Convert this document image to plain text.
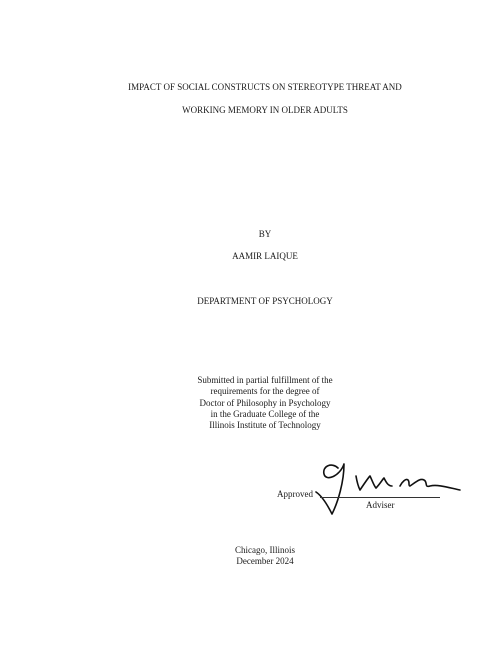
IMPACT OF SOCIAL CONSTRUCTS ON STEREOTYPE THREAT AND
WORKING MEMORY IN OLDER ADULTS
BY
AAMIR LAIQUE
DEPARTMENT OF PSYCHOLOGY
Submitted in partial fulfillment of the
requirements for the degree of
Doctor of Philosophy in Psychology
in the Graduate College of the
Illinois Institute of Technology
Approved
Adviser
Chicago, Illinois
December 2024
